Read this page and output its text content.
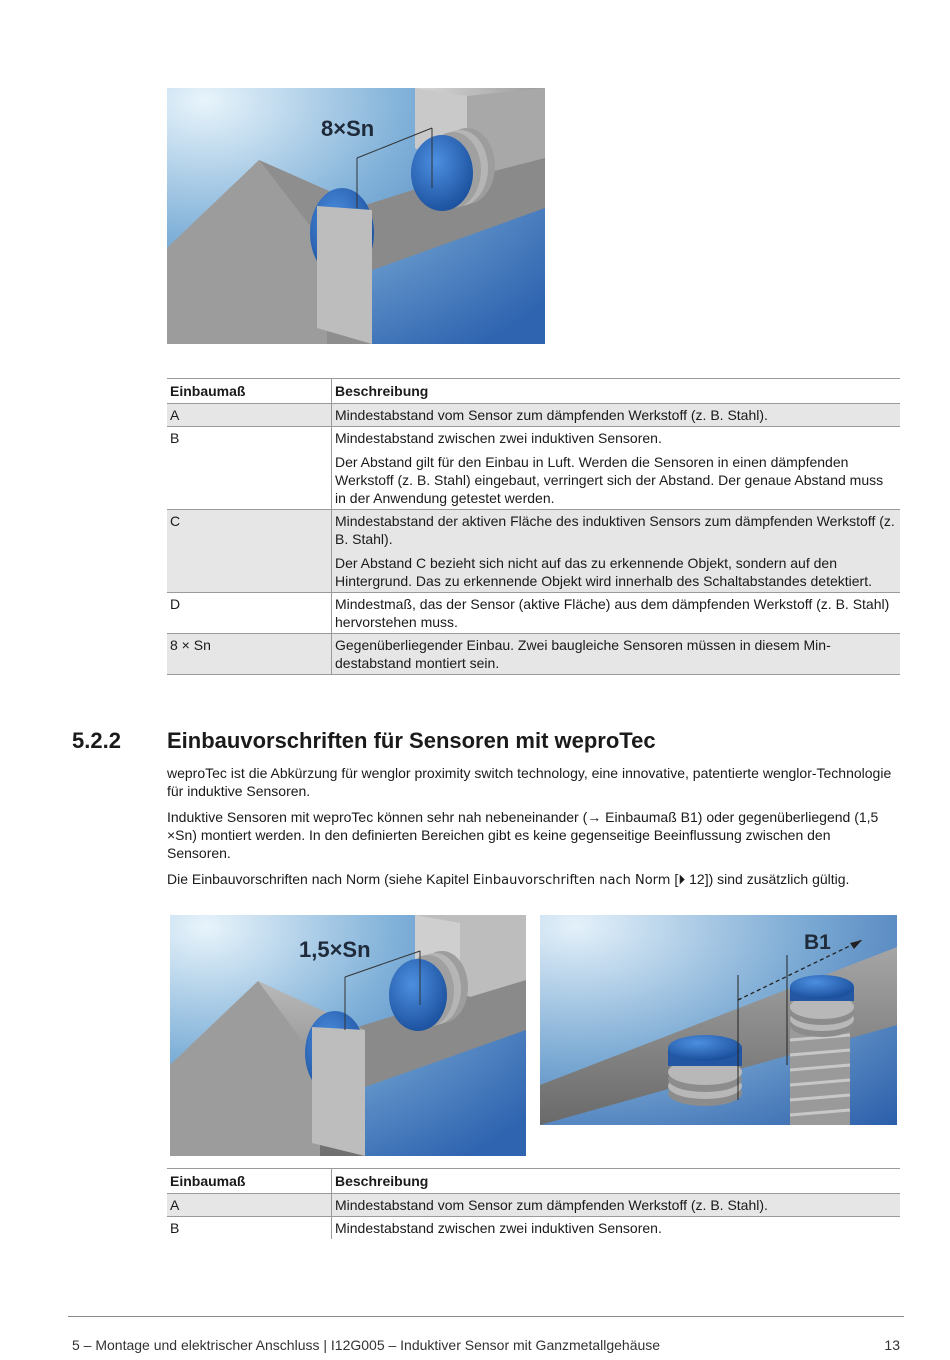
8×Sn
Einbaumaß	Beschreibung
A	Mindestabstand vom Sensor zum dämpfenden Werkstoff (z. B. Stahl).

B	Mindestabstand zwischen zwei induktiven Sensoren.

Der Abstand gilt für den Einbau in Luft. Werden die Sensoren in einen dämpfenden Werkstoff (z. B. Stahl) eingebaut, verringert sich der Abstand. Der genaue Abstand muss in der Anwendung getestet werden.

C	Mindestabstand der aktiven Fläche des induktiven Sensors zum dämpfenden Werkstoff (z. B. Stahl).

Der Abstand C bezieht sich nicht auf das zu erkennende Objekt, sondern auf den Hintergrund. Das zu erkennende Objekt wird innerhalb des Schaltabstandes detektiert.

D	Mindestmaß, das der Sensor (aktive Fläche) aus dem dämpfenden Werkstoff (z. B. Stahl) hervorstehen muss.

8 × Sn	Gegenüberliegender Einbau. Zwei baugleiche Sensoren müssen in diesem Mindestabstand montiert sein.

5.2.2 Einbauvorschriften für Sensoren mit weproTec

weproTec ist die Abkürzung für wenglor proximity switch technology, eine innovative, patentierte wenglor-Technologie für induktive Sensoren.

Induktive Sensoren mit weproTec können sehr nah nebeneinander (→ Einbaumaß B1) oder gegenüberliegend (1,5 ×Sn) montiert werden. In den definierten Bereichen gibt es keine gegenseitige Beeinflussung zwischen den Sensoren.

Die Einbauvorschriften nach Norm (siehe Kapitel Einbauvorschriften nach Norm [⏵ 12]) sind zusätzlich gültig.

1,5×Sn	B1
Einbaumaß	Beschreibung
A	Mindestabstand vom Sensor zum dämpfenden Werkstoff (z. B. Stahl).

B	Mindestabstand zwischen zwei induktiven Sensoren.

5 – Montage und elektrischer Anschluss | I12G005 – Induktiver Sensor mit Ganzmetallgehäuse	13
